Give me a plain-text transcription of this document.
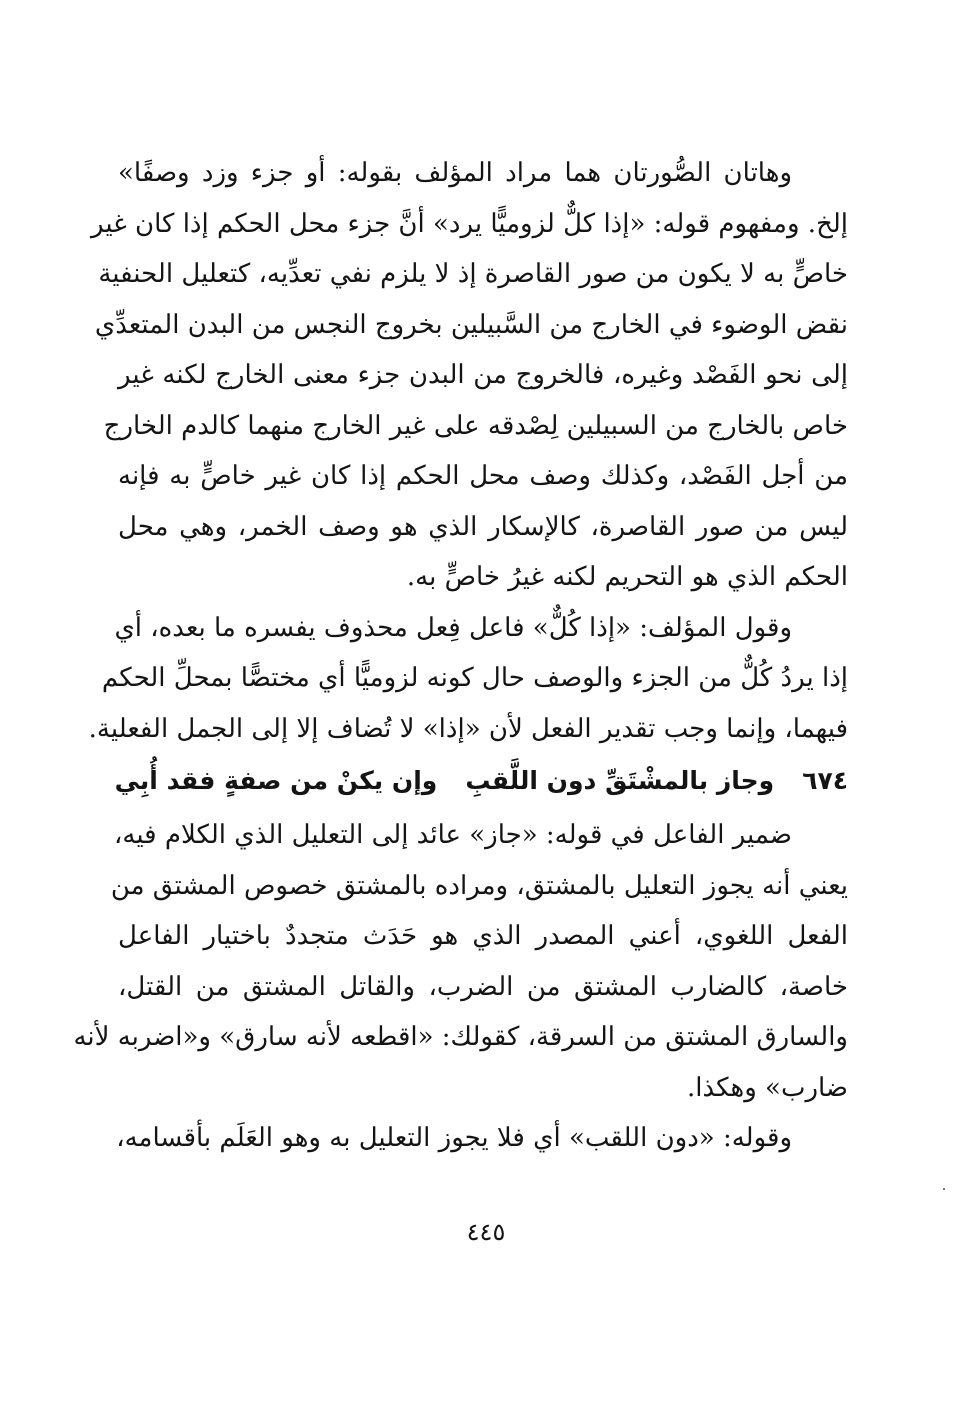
وهاتان الصُّورتان هما مراد المؤلف بقوله: أو جزء وزد وصفًا»
إلخ. ومفهوم قوله: «إذا كلٌّ لزوميًّا يرد» أنَّ جزء محل الحكم إذا كان غير
خاصٍّ به لا يكون من صور القاصرة إذ لا يلزم نفي تعدِّيه، كتعليل الحنفية
نقض الوضوء في الخارج من السَّبيلين بخروج النجس من البدن المتعدِّي
إلى نحو الفَصْد وغيره، فالخروج من البدن جزء معنى الخارج لكنه غير
خاص بالخارج من السبيلين لِصْدقه على غير الخارج منهما كالدم الخارج
من أجل الفَصْد، وكذلك وصف محل الحكم إذا كان غير خاصٍّ به فإنه
ليس من صور القاصرة، كالإسكار الذي هو وصف الخمر، وهي محل
الحكم الذي هو التحريم لكنه غيرُ خاصٍّ به.

وقول المؤلف: «إذا كُلٌّ» فاعل فِعل محذوف يفسره ما بعده، أي
إذا يردُ كُلٌّ من الجزء والوصف حال كونه لزوميًّا أي مختصًّا بمحلِّ الحكم
فيهما، وإنما وجب تقدير الفعل لأن «إذا» لا تُضاف إلا إلى الجمل الفعلية.

٦٧٤
وجاز بالمشْتَقِّ دون اللَّقبِ
وإن يكنْ من صفةٍ فقد أُبِي

ضمير الفاعل في قوله: «جاز» عائد إلى التعليل الذي الكلام فيه،
يعني أنه يجوز التعليل بالمشتق، ومراده بالمشتق خصوص المشتق من
الفعل اللغوي، أعني المصدر الذي هو حَدَث متجددٌ باختيار الفاعل
خاصة، كالضارب المشتق من الضرب، والقاتل المشتق من القتل،
والسارق المشتق من السرقة، كقولك: «اقطعه لأنه سارق» و«اضربه لأنه
ضارب» وهكذا.

وقوله: «دون اللقب» أي فلا يجوز التعليل به وهو العَلَم بأقسامه،

٤٤٥
